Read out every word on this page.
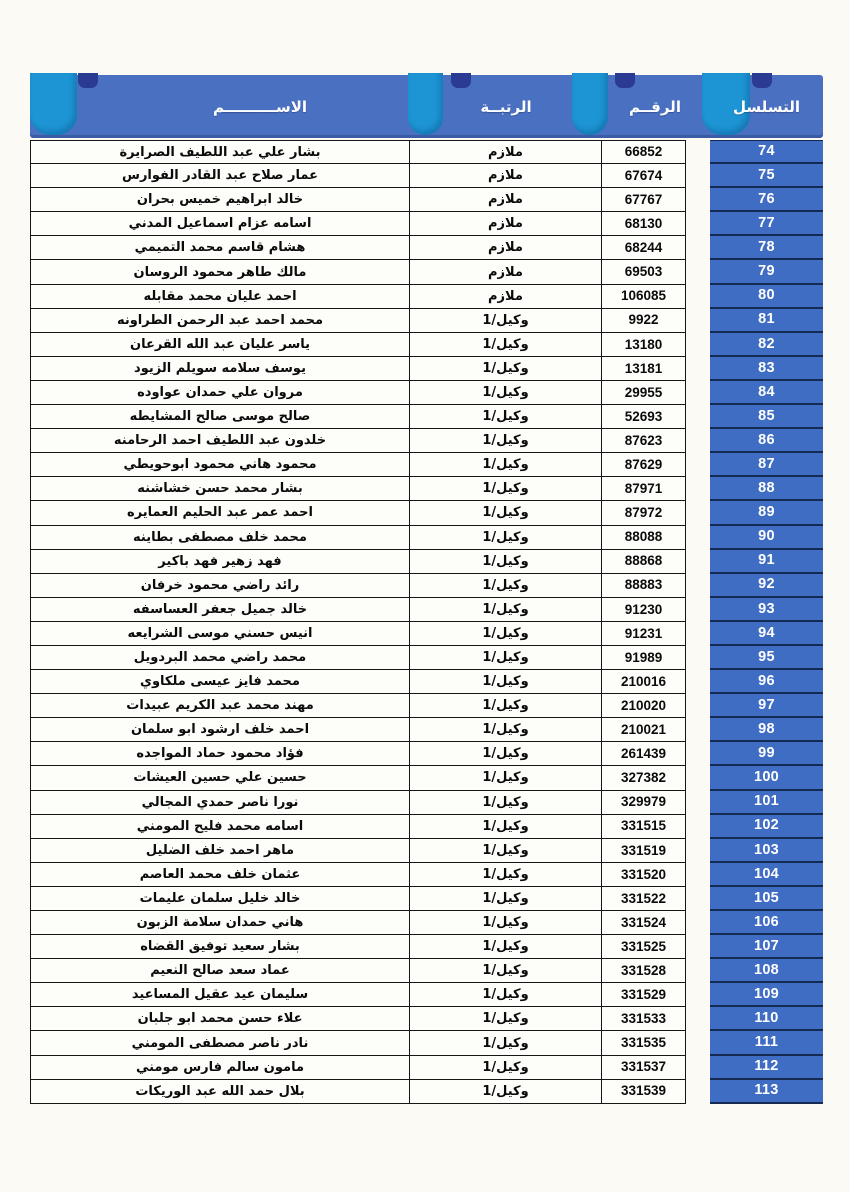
الاســــــــــم	الرتبــة	الرقــم	التسلسل
بشار علي عبد اللطيف الصرايرة	ملازم	66852	74
عمار صلاح عبد القادر الفوارس	ملازم	67674	75
خالد ابراهيم خميس بحران	ملازم	67767	76
اسامه عزام اسماعيل المدني	ملازم	68130	77
هشام قاسم محمد التميمي	ملازم	68244	78
مالك طاهر محمود الروسان	ملازم	69503	79
احمد عليان محمد مقابله	ملازم	106085	80
محمد احمد عبد الرحمن الطراونه	وكيل/1	9922	81
ياسر عليان عبد الله القرعان	وكيل/1	13180	82
يوسف سلامه سويلم الزيود	وكيل/1	13181	83
مروان علي حمدان عواوده	وكيل/1	29955	84
صالح موسى صالح المشايطه	وكيل/1	52693	85
خلدون عبد اللطيف احمد الرحامنه	وكيل/1	87623	86
محمود هاني محمود ابوحويطي	وكيل/1	87629	87
بشار محمد حسن خشاشنه	وكيل/1	87971	88
احمد عمر عبد الحليم العمايره	وكيل/1	87972	89
محمد خلف مصطفى بطاينه	وكيل/1	88088	90
فهد زهير فهد باكير	وكيل/1	88868	91
رائد راضي محمود خرفان	وكيل/1	88883	92
خالد جميل جعفر العساسفه	وكيل/1	91230	93
انيس حسني موسى الشرايعه	وكيل/1	91231	94
محمد راضي محمد البردويل	وكيل/1	91989	95
محمد فايز عيسى ملكاوي	وكيل/1	210016	96
مهند محمد عبد الكريم عبيدات	وكيل/1	210020	97
احمد خلف ارشود ابو سلمان	وكيل/1	210021	98
فؤاد محمود حماد المواجده	وكيل/1	261439	99
حسين علي حسين العيشات	وكيل/1	327382	100
نورا ناصر حمدي المجالي	وكيل/1	329979	101
اسامه محمد فليح المومني	وكيل/1	331515	102
ماهر احمد خلف الضليل	وكيل/1	331519	103
عثمان خلف محمد العاصم	وكيل/1	331520	104
خالد خليل سلمان عليمات	وكيل/1	331522	105
هاني حمدان سلامة الزبون	وكيل/1	331524	106
بشار سعيد توفيق القضاه	وكيل/1	331525	107
عماد سعد صالح النعيم	وكيل/1	331528	108
سليمان عيد عقيل المساعيد	وكيل/1	331529	109
علاء حسن محمد ابو جلبان	وكيل/1	331533	110
نادر ناصر مصطفى المومني	وكيل/1	331535	111
مامون سالم فارس مومني	وكيل/1	331537	112
بلال حمد الله عبد الوريكات	وكيل/1	331539	113
